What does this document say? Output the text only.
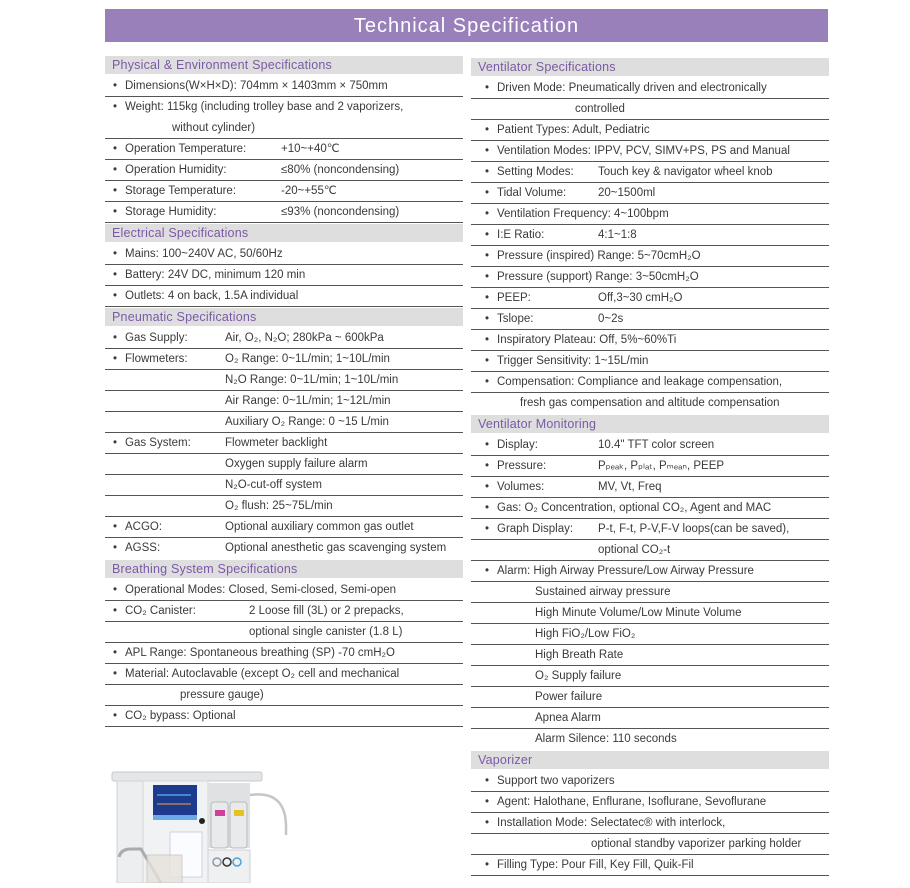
Technical Specification
Physical & Environment Specifications
• Dimensions(W×H×D): 704mm × 1403mm × 750mm
• Weight: 115kg (including trolley base and 2 vaporizers,
without cylinder)
• Operation Temperature:	+10~+40℃
• Operation Humidity:	≤80% (noncondensing)
• Storage Temperature:	-20~+55℃
• Storage Humidity:	≤93% (noncondensing)
Electrical Specifications
• Mains: 100~240V AC, 50/60Hz
• Battery: 24V DC, minimum 120 min
• Outlets: 4 on back, 1.5A individual
Pneumatic Specifications
• Gas Supply:	Air, O₂, N₂O; 280kPa ~ 600kPa
• Flowmeters:	O₂ Range: 0~1L/min; 1~10L/min
N₂O Range: 0~1L/min; 1~10L/min
Air Range: 0~1L/min; 1~12L/min
Auxiliary O₂ Range: 0 ~15 L/min
• Gas System:	Flowmeter backlight
Oxygen supply failure alarm
N₂O-cut-off system
O₂ flush: 25~75L/min
• ACGO:	Optional auxiliary common gas outlet
• AGSS:	Optional anesthetic gas scavenging system
Breathing System Specifications
• Operational Modes: Closed, Semi-closed, Semi-open
• CO₂ Canister:	2 Loose fill (3L) or 2 prepacks,
optional single canister (1.8 L)
• APL Range: Spontaneous breathing (SP) -70 cmH₂O
• Material: Autoclavable (except O₂ cell and mechanical
pressure gauge)
• CO₂ bypass: Optional
Ventilator Specifications
• Driven Mode: Pneumatically driven and electronically
controlled
• Patient Types: Adult, Pediatric
• Ventilation Modes: IPPV, PCV, SIMV+PS, PS and Manual
• Setting Modes: Touch key & navigator wheel knob
• Tidal Volume:	20~1500ml
• Ventilation Frequency: 4~100bpm
• I:E Ratio:	4:1~1:8
• Pressure (inspired) Range: 5~70cmH₂O
• Pressure (support) Range: 3~50cmH₂O
• PEEP:	Off,3~30 cmH₂O
• Tslope:	0~2s
• Inspiratory Plateau: Off, 5%~60%Ti
• Trigger Sensitivity: 1~15L/min
• Compensation: Compliance and leakage compensation,
fresh gas compensation and altitude compensation
Ventilator Monitoring
• Display:	10.4" TFT color screen
• Pressure:	Pₚₑₐₖ, Pₚₗₐₜ, Pₘₑₐₙ, PEEP
• Volumes:	MV, Vt, Freq
• Gas: O₂ Concentration, optional CO₂, Agent and MAC
• Graph Display: P-t, F-t, P-V,F-V loops(can be saved),
optional CO₂-t
• Alarm: High Airway Pressure/Low Airway Pressure
Sustained airway pressure
High Minute Volume/Low Minute Volume
High FiO₂/Low FiO₂
High Breath Rate
O₂ Supply failure
Power failure
Apnea Alarm
Alarm Silence: 110 seconds
Vaporizer
• Support two vaporizers
• Agent: Halothane, Enflurane, Isoflurane, Sevoflurane
• Installation Mode: Selectatec® with interlock,
optional standby vaporizer parking holder
• Filling Type: Pour Fill, Key Fill, Quik-Fil
